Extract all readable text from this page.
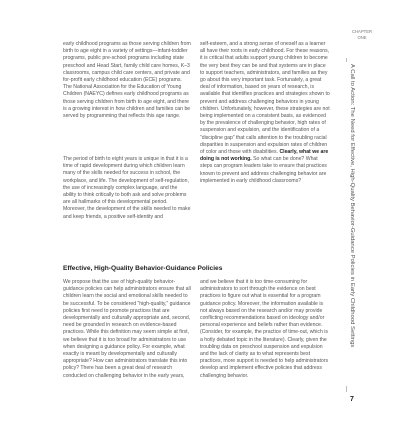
CHAPTER
ONE
A Call to Action: The Need for Effective, High-Quality Behavior-Guidance Policies in Early Childhood Settings
7

early childhood programs as those serving children from birth to age eight in a variety of settings—infant-toddler programs, public pre-school programs including state preschool and Head Start, family child care homes, K–3 classrooms, campus child care centers, and private and for-profit early childhood education (ECE) programs. The National Association for the Education of Young Children (NAEYC) defines early childhood programs as those serving children from birth to age eight, and there is a growing interest in how children and families can be served by programming that reflects this age range.

The period of birth to eight years is unique in that it is a time of rapid development during which children learn many of the skills needed for success in school, the workplace, and life. The development of self-regulation, the use of increasingly complex language, and the ability to think critically to both ask and solve problems are all hallmarks of this developmental period. Moreover, the development of the skills needed to make and keep friends, a positive self-identity and

self-esteem, and a strong sense of oneself as a learner all have their roots in early childhood. For these reasons, it is critical that adults support young children to become the very best they can be and that systems are in place to support teachers, administrators, and families as they go about this very important task. Fortunately, a great deal of information, based on years of research, is available that identifies practices and strategies shown to prevent and address challenging behaviors in young children. Unfortunately, however, these strategies are not being implemented on a consistent basis, as evidenced by the prevalence of challenging behavior, high rates of suspension and expulsion, and the identification of a “discipline gap” that calls attention to the troubling racial disparities in suspension and expulsion rates of children of color and those with disabilities. Clearly, what we are doing is not working. So what can be done? What steps can program leaders take to ensure that practices known to prevent and address challenging behavior are implemented in early childhood classrooms?

Effective, High-Quality Behavior-Guidance Policies

We propose that the use of high-quality behavior-guidance policies can help administrators ensure that all children learn the social and emotional skills needed to be successful. To be considered “high-quality,” guidance policies first need to promote practices that are developmentally and culturally appropriate and, second, need be grounded in research on evidence-based practices. While this definition may seem simple at first, we believe that it is too broad for administrators to use when designing a guidance policy. For example, what exactly is meant by developmentally and culturally appropriate? How can administrators translate this into policy? There has been a great deal of research conducted on challenging behavior in the early years,

and we believe that it is too time-consuming for administrators to sort through the evidence on best practices to figure out what is essential for a program guidance policy. Moreover, the information available is not always based on the research and/or may provide conflicting recommendations based on ideology and/or personal experience and beliefs rather than evidence. (Consider, for example, the practice of time-out, which is a hotly debated topic in the literature). Clearly, given the troubling data on preschool suspension and expulsion and the lack of clarity as to what represents best practices, more support is needed to help administrators develop and implement effective policies that address challenging behavior.
